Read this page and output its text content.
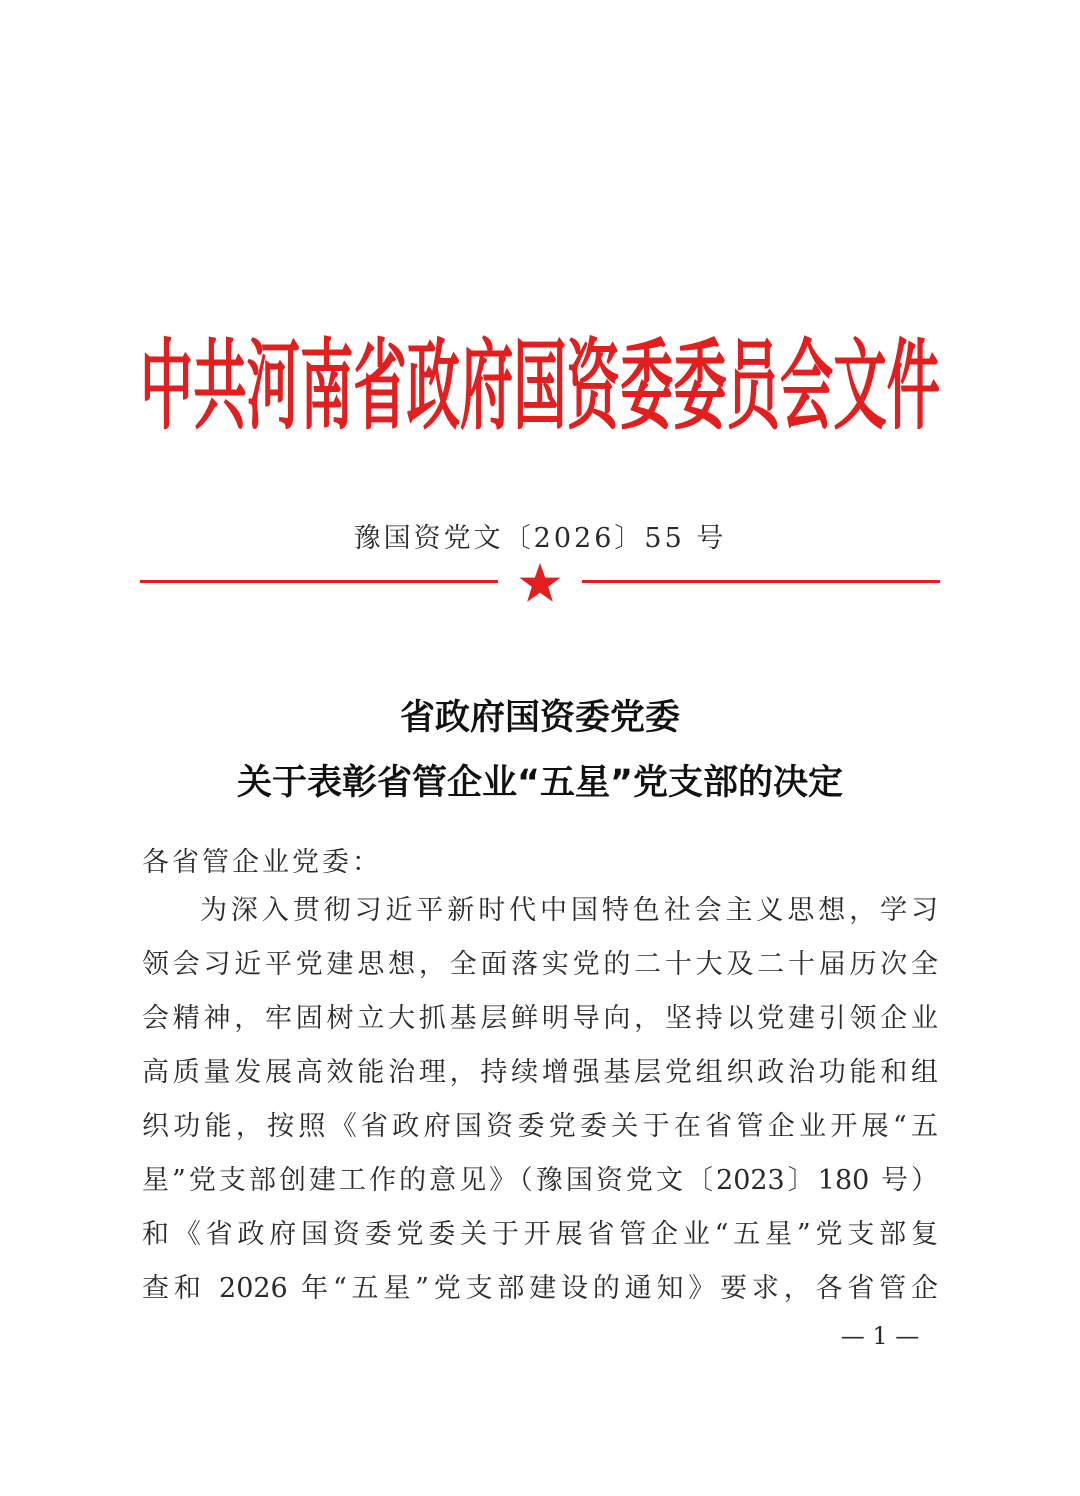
中共河南省政府国资委委员会文件
豫国资党文〔2026〕55 号
省政府国资委党委
关于表彰省管企业“五星”党支部的决定
各省管企业党委：
为深入贯彻习近平新时代中国特色社会主义思想，学习
领会习近平党建思想，全面落实党的二十大及二十届历次全
会精神，牢固树立大抓基层鲜明导向，坚持以党建引领企业
高质量发展高效能治理，持续增强基层党组织政治功能和组
织功能，按照《省政府国资委党委关于在省管企业开展“五
星”党支部创建工作的意见》（豫国资党文〔2023〕180 号）
和《省政府国资委党委关于开展省管企业“五星”党支部复
查和 2026 年“五星”党支部建设的通知》要求，各省管企
— 1 —
